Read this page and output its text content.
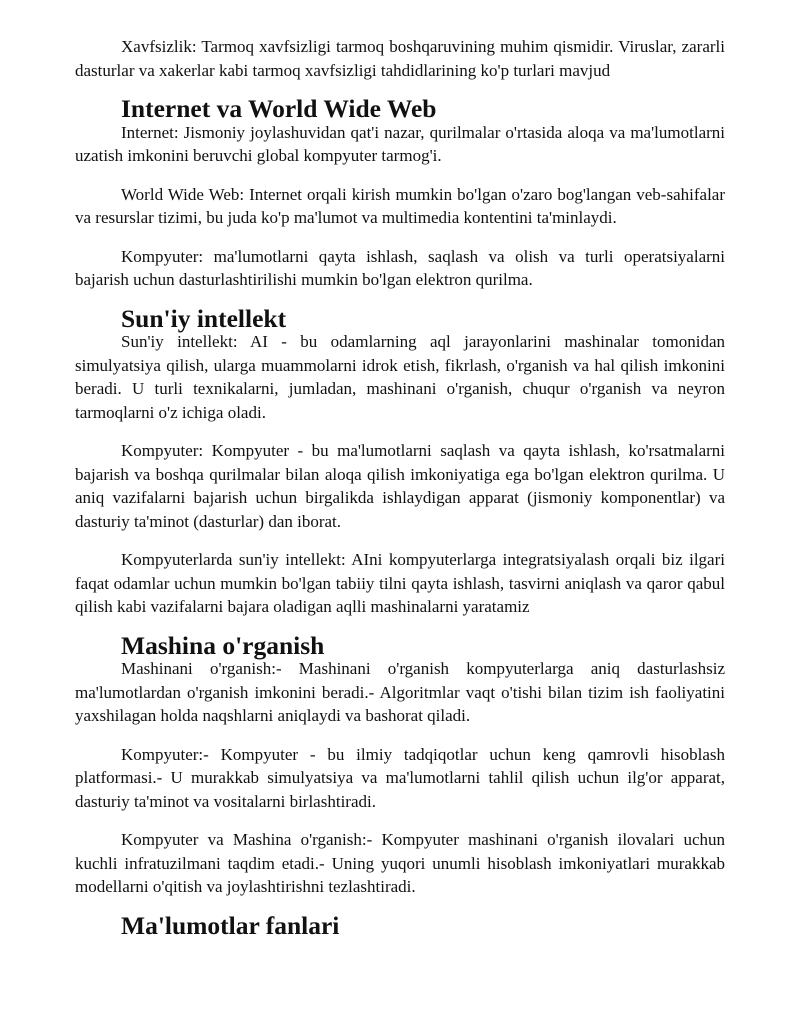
Xavfsizlik: Tarmoq xavfsizligi tarmoq boshqaruvining muhim qismidir. Viruslar, zararli dasturlar va xakerlar kabi tarmoq xavfsizligi tahdidlarining ko'p turlari mavjud

Internet va World Wide Web

Internet: Jismoniy joylashuvidan qat'i nazar, qurilmalar o'rtasida aloqa va ma'lumotlarni uzatish imkonini beruvchi global kompyuter tarmog'i.

World Wide Web: Internet orqali kirish mumkin bo'lgan o'zaro bog'langan veb-sahifalar va resurslar tizimi, bu juda ko'p ma'lumot va multimedia kontentini ta'minlaydi.

Kompyuter: ma'lumotlarni qayta ishlash, saqlash va olish va turli operatsiyalarni bajarish uchun dasturlashtirilishi mumkin bo'lgan elektron qurilma.

Sun'iy intellekt

Sun'iy intellekt: AI - bu odamlarning aql jarayonlarini mashinalar tomonidan simulyatsiya qilish, ularga muammolarni idrok etish, fikrlash, o'rganish va hal qilish imkonini beradi. U turli texnikalarni, jumladan, mashinani o'rganish, chuqur o'rganish va neyron tarmoqlarni o'z ichiga oladi.

Kompyuter: Kompyuter - bu ma'lumotlarni saqlash va qayta ishlash, ko'rsatmalarni bajarish va boshqa qurilmalar bilan aloqa qilish imkoniyatiga ega bo'lgan elektron qurilma. U aniq vazifalarni bajarish uchun birgalikda ishlaydigan apparat (jismoniy komponentlar) va dasturiy ta'minot (dasturlar) dan iborat.

Kompyuterlarda sun'iy intellekt: AIni kompyuterlarga integratsiyalash orqali biz ilgari faqat odamlar uchun mumkin bo'lgan tabiiy tilni qayta ishlash, tasvirni aniqlash va qaror qabul qilish kabi vazifalarni bajara oladigan aqlli mashinalarni yaratamiz

Mashina o'rganish

Mashinani o'rganish:- Mashinani o'rganish kompyuterlarga aniq dasturlashsiz ma'lumotlardan o'rganish imkonini beradi.- Algoritmlar vaqt o'tishi bilan tizim ish faoliyatini yaxshilagan holda naqshlarni aniqlaydi va bashorat qiladi.

Kompyuter:- Kompyuter - bu ilmiy tadqiqotlar uchun keng qamrovli hisoblash platformasi.- U murakkab simulyatsiya va ma'lumotlarni tahlil qilish uchun ilg'or apparat, dasturiy ta'minot va vositalarni birlashtiradi.

Kompyuter va Mashina o'rganish:- Kompyuter mashinani o'rganish ilovalari uchun kuchli infratuzilmani taqdim etadi.- Uning yuqori unumli hisoblash imkoniyatlari murakkab modellarni o'qitish va joylashtirishni tezlashtiradi.

Ma'lumotlar fanlari
